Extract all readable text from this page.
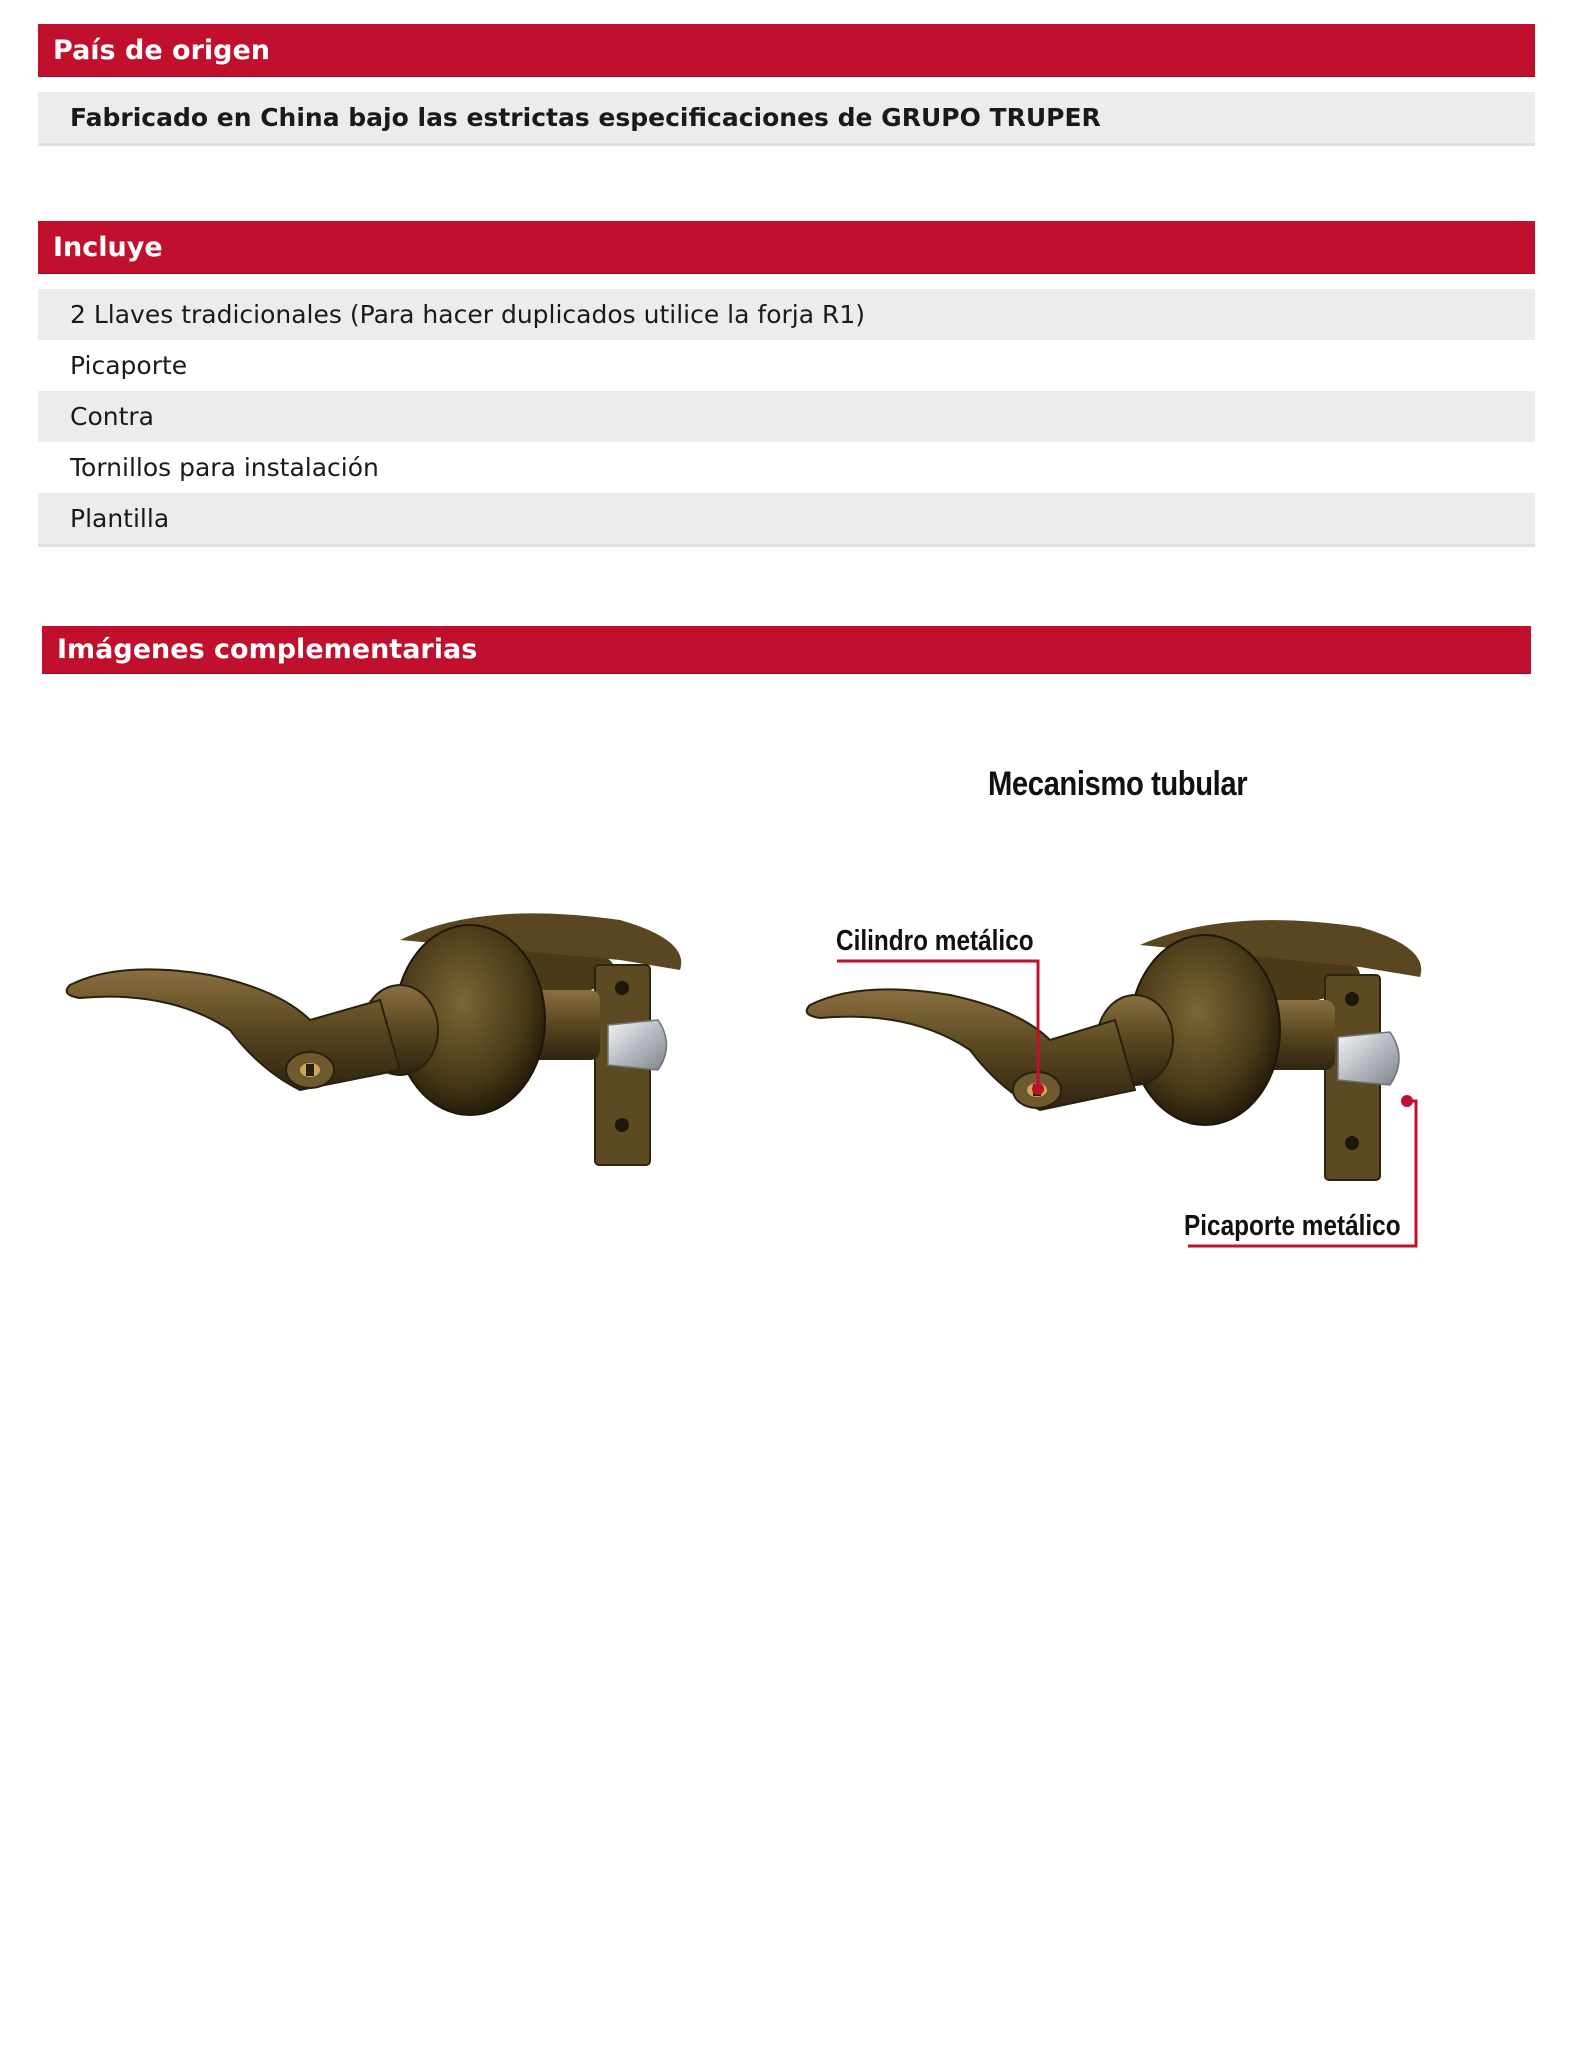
País de origen
Fabricado en China bajo las estrictas especificaciones de GRUPO TRUPER
Incluye
2 Llaves tradicionales (Para hacer duplicados utilice la forja R1)
Picaporte
Contra
Tornillos para instalación
Plantilla
Imágenes complementarias
Mecanismo tubular
Cilindro metálico
Picaporte metálico
